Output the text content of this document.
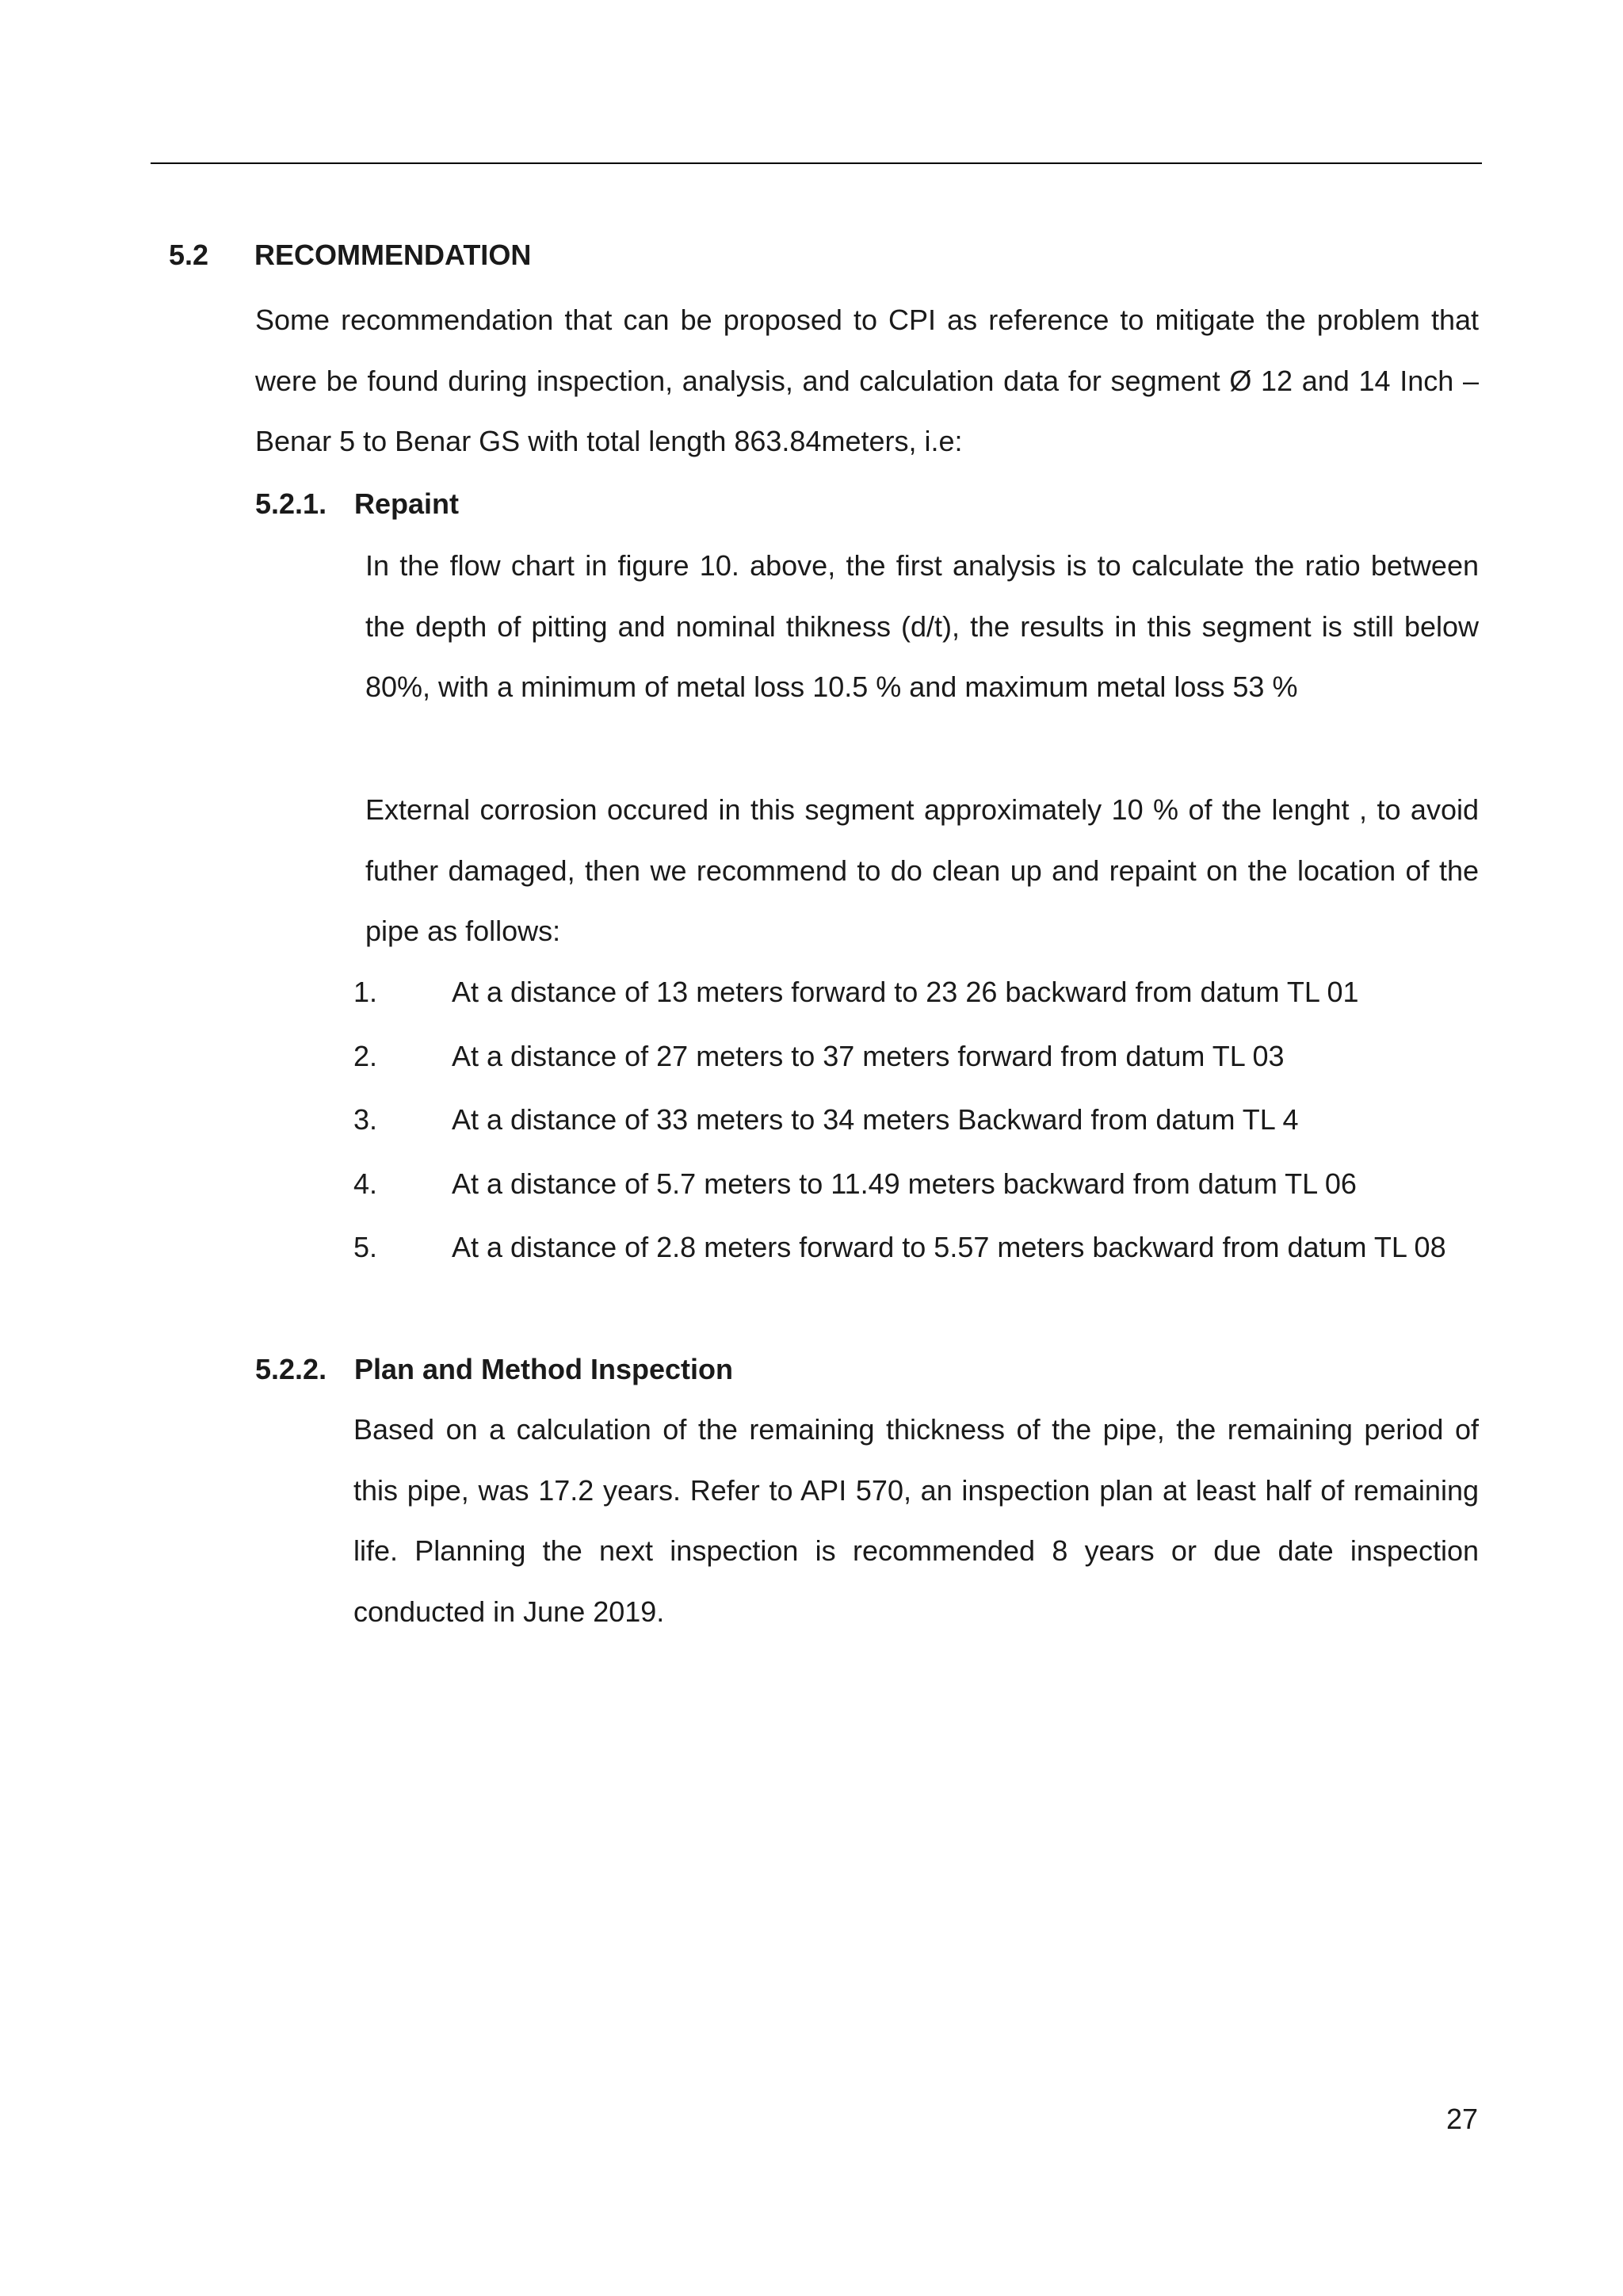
5.2 RECOMMENDATION
Some recommendation that can be proposed to CPI as reference to mitigate the problem that were be found during inspection, analysis, and calculation data for segment Ø 12 and 14 Inch – Benar 5 to Benar GS with total length 863.84meters, i.e:
5.2.1. Repaint
In the flow chart in figure 10. above, the first analysis is to calculate the ratio between the depth of pitting and nominal thikness (d/t), the results in this segment is still below 80%, with a minimum of metal loss 10.5 % and maximum metal loss 53 %
External corrosion occured in this segment approximately 10 % of the lenght , to avoid futher damaged, then we recommend to do clean up and repaint on the location of the pipe as follows:
1.	At a distance of 13 meters forward to 23 26 backward from datum TL 01
2.	At a distance of 27 meters to 37 meters forward from datum TL 03
3.	At a distance of 33 meters to 34 meters Backward from datum TL 4
4.	At a distance of 5.7 meters to 11.49 meters backward from datum TL 06
5.	At a distance of 2.8 meters forward to 5.57 meters backward from datum TL 08
5.2.2. Plan and Method Inspection
Based on a calculation of the remaining thickness of the pipe, the remaining period of this pipe, was 17.2 years. Refer to API 570, an inspection plan at least half of remaining life. Planning the next inspection is recommended 8 years or due date inspection conducted in June 2019.
27
